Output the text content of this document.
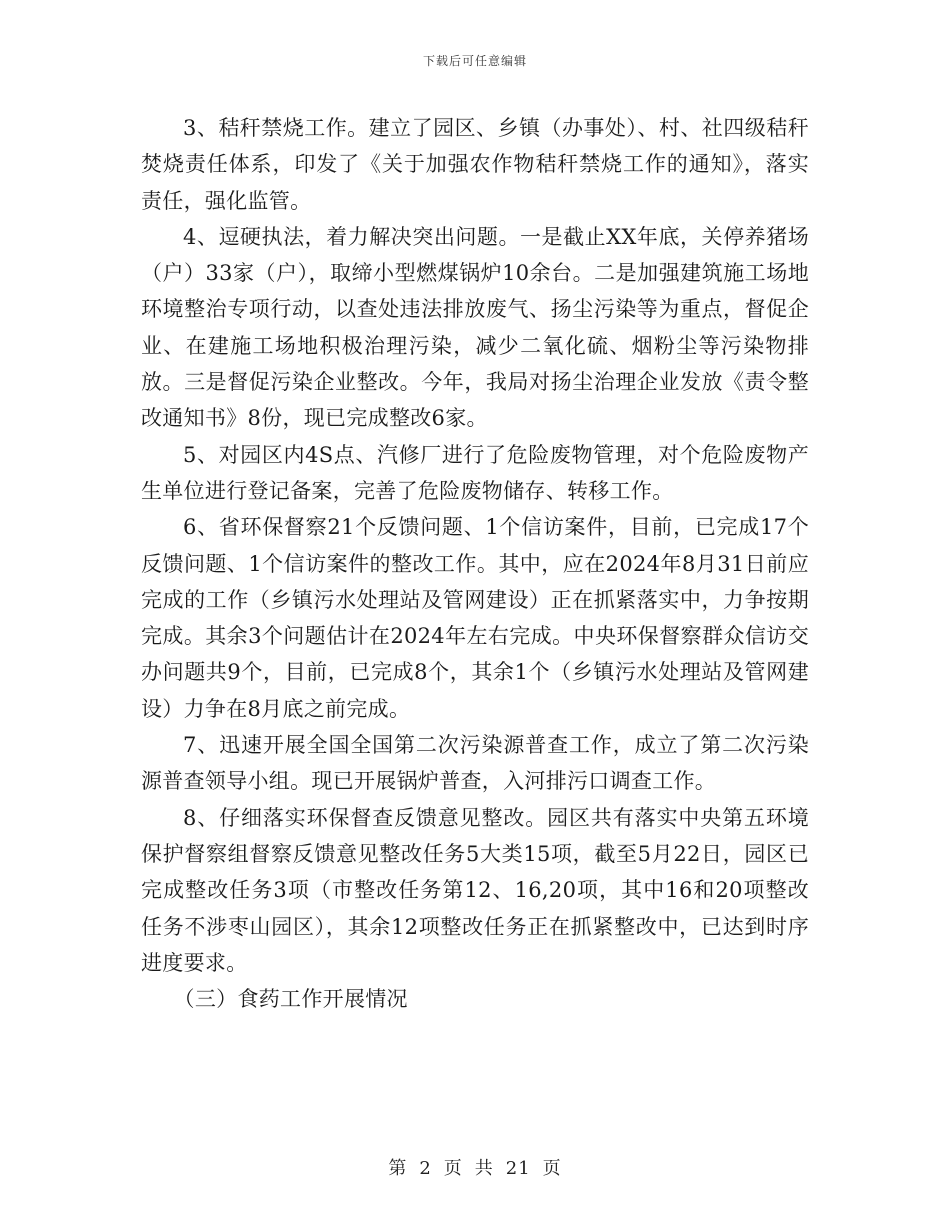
下载后可任意编辑

3、秸秆禁烧工作。建立了园区、乡镇（办事处）、村、社四级秸秆焚烧责任体系，印发了《关于加强农作物秸秆禁烧工作的通知》，落实责任，强化监管。

4、逗硬执法，着力解决突出问题。一是截止XX年底，关停养猪场（户）33家（户），取缔小型燃煤锅炉10余台。二是加强建筑施工场地环境整治专项行动，以查处违法排放废气、扬尘污染等为重点，督促企业、在建施工场地积极治理污染，减少二氧化硫、烟粉尘等污染物排放。三是督促污染企业整改。今年，我局对扬尘治理企业发放《责令整改通知书》8份，现已完成整改6家。

5、对园区内4S点、汽修厂进行了危险废物管理，对个危险废物产生单位进行登记备案，完善了危险废物储存、转移工作。

6、省环保督察21个反馈问题、1个信访案件，目前，已完成17个反馈问题、1个信访案件的整改工作。其中，应在2024年8月31日前应完成的工作（乡镇污水处理站及管网建设）正在抓紧落实中，力争按期完成。其余3个问题估计在2024年左右完成。中央环保督察群众信访交办问题共9个，目前，已完成8个，其余1个（乡镇污水处理站及管网建设）力争在8月底之前完成。

7、迅速开展全国全国第二次污染源普查工作，成立了第二次污染源普查领导小组。现已开展锅炉普查，入河排污口调查工作。

8、仔细落实环保督查反馈意见整改。园区共有落实中央第五环境保护督察组督察反馈意见整改任务5大类15项，截至5月22日，园区已完成整改任务3项（市整改任务第12、16,20项，其中16和20项整改任务不涉枣山园区），其余12项整改任务正在抓紧整改中，已达到时序进度要求。

（三）食药工作开展情况

第 2 页 共 21 页
